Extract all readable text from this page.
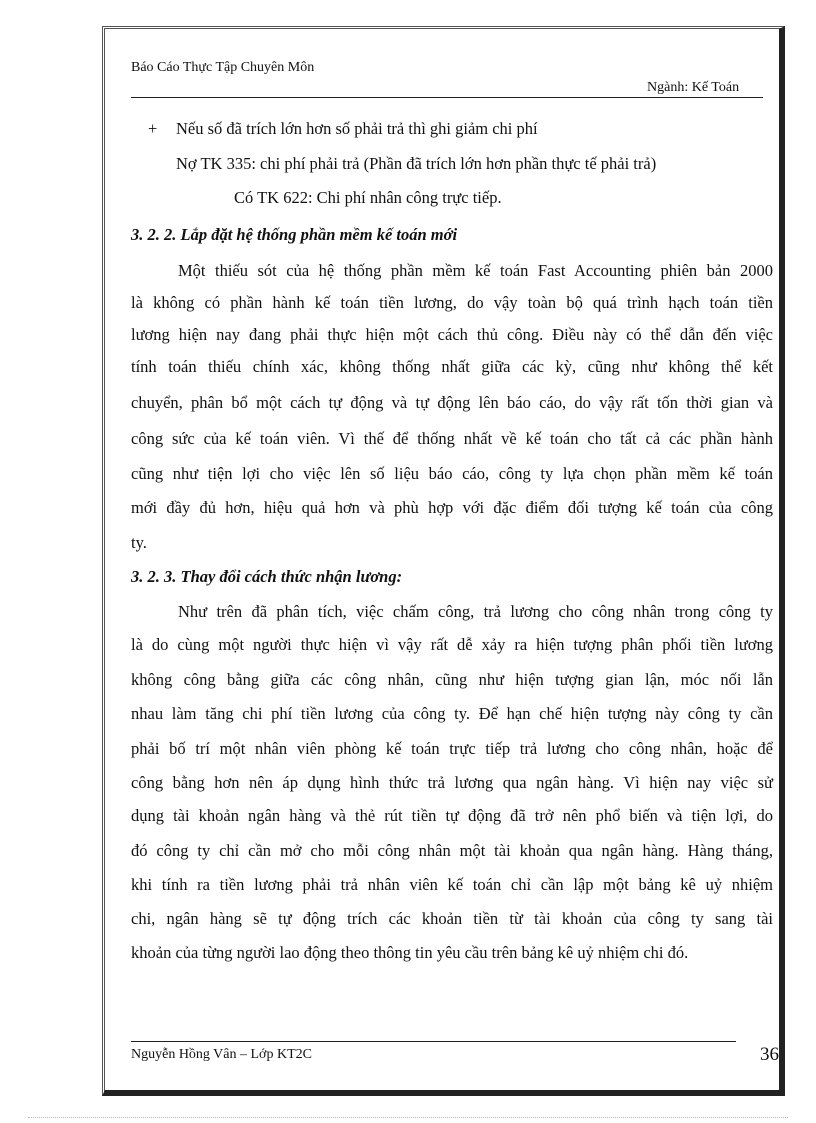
Báo Cáo Thực Tập Chuyên Môn
Ngành: Kế Toán
+ Nếu số đã trích lớn hơn số phải trả thì ghi giảm chi phí
Nợ TK 335: chi phí phải trả (Phần đã trích lớn hơn phần thực tế phải trả)
Có TK 622: Chi phí nhân công trực tiếp.
3. 2. 2. Lắp đặt hệ thống phần mềm kế toán mới
Một thiếu sót của hệ thống phần mềm kế toán Fast Accounting phiên bản 2000
là không có phần hành kế toán tiền lương, do vậy toàn bộ quá trình hạch toán tiền
lương hiện nay đang phải thực hiện một cách thủ công. Điều này có thể dẫn đến việc
tính toán thiếu chính xác, không thống nhất giữa các kỳ, cũng như không thể kết
chuyển, phân bổ một cách tự động và tự động lên báo cáo, do vậy rất tốn thời gian và
công sức của kế toán viên. Vì thế để thống nhất về kế toán cho tất cả các phần hành
cũng như tiện lợi cho việc lên số liệu báo cáo, công ty lựa chọn phần mềm kế toán
mới đầy đủ hơn, hiệu quả hơn và phù hợp với đặc điểm đối tượng kế toán của công
ty.
3. 2. 3. Thay đổi cách thức nhận lương:
Như trên đã phân tích, việc chấm công, trả lương cho công nhân trong công ty
là do cùng một người thực hiện vì vậy rất dễ xảy ra hiện tượng phân phối tiền lương
không công bằng giữa các công nhân, cũng như hiện tượng gian lận, móc nối lẫn
nhau làm tăng chi phí tiền lương của công ty. Để hạn chế hiện tượng này công ty cần
phải bố trí một nhân viên phòng kế toán trực tiếp trả lương cho công nhân, hoặc để
công bằng hơn nên áp dụng hình thức trả lương qua ngân hàng. Vì hiện nay việc sử
dụng tài khoản ngân hàng và thẻ rút tiền tự động đã trở nên phổ biến và tiện lợi, do
đó công ty chỉ cần mở cho mỗi công nhân một tài khoản qua ngân hàng. Hàng tháng,
khi tính ra tiền lương phải trả nhân viên kế toán chỉ cần lập một bảng kê uỷ nhiệm
chi, ngân hàng sẽ tự động trích các khoản tiền từ tài khoản của công ty sang tài
khoản của từng người lao động theo thông tin yêu cầu trên bảng kê uỷ nhiệm chi đó.
Nguyễn Hồng Vân – Lớp KT2C	36
